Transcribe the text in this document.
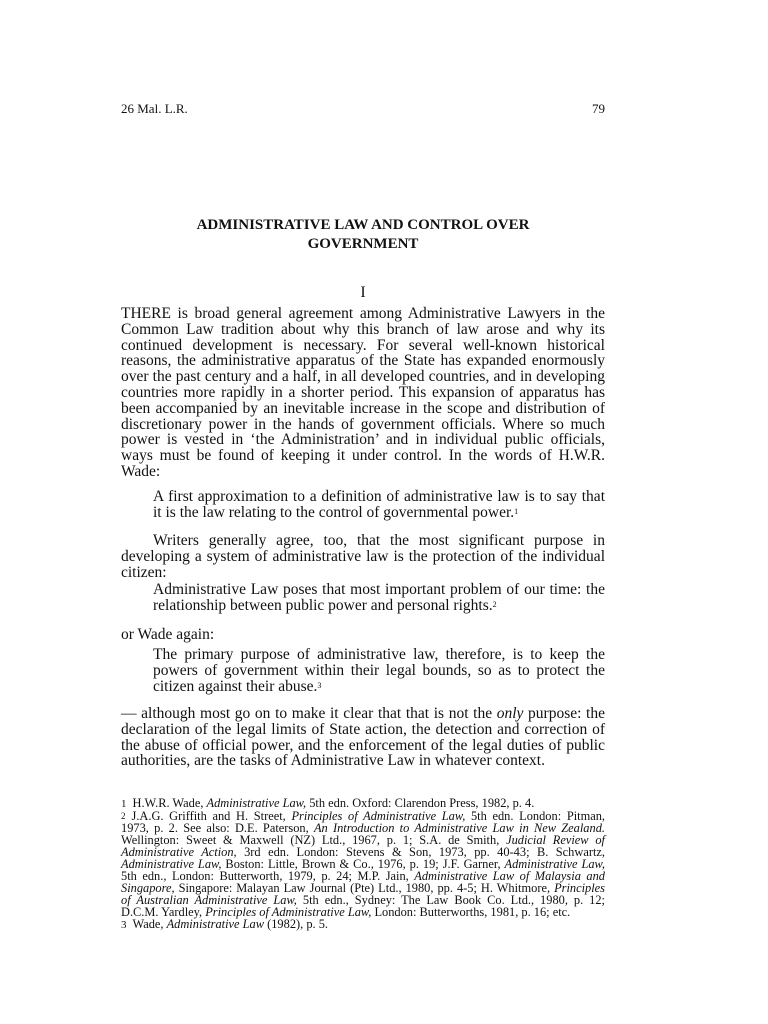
26 Mal. L.R.	79
ADMINISTRATIVE LAW AND CONTROL OVER
GOVERNMENT
I
THERE is broad general agreement among Administrative Lawyers in the Common Law tradition about why this branch of law arose and why its continued development is necessary. For several well-known historical reasons, the administrative apparatus of the State has expanded enormously over the past century and a half, in all developed countries, and in developing countries more rapidly in a shorter period. This expansion of apparatus has been accompanied by an inevitable increase in the scope and distribution of discretionary power in the hands of government officials. Where so much power is vested in ‘the Administration’ and in individual public officials, ways must be found of keeping it under control. In the words of H.W.R. Wade:
A first approximation to a definition of administrative law is to say that it is the law relating to the control of governmental power.$^1$
Writers generally agree, too, that the most significant purpose in developing a system of administrative law is the protection of the individual citizen:
Administrative Law poses that most important problem of our time: the relationship between public power and personal rights.$^2$
or Wade again:
The primary purpose of administrative law, therefore, is to keep the powers of government within their legal bounds, so as to protect the citizen against their abuse.$^3$
— although most go on to make it clear that that is not the only purpose: the declaration of the legal limits of State action, the detection and correction of the abuse of official power, and the enforcement of the legal duties of public authorities, are the tasks of Administrative Law in whatever context.

1 H.W.R. Wade, Administrative Law, 5th edn. Oxford: Clarendon Press, 1982, p. 4.

$^2$ J.A.G. Griffith and H. Street, Principles of Administrative Law, 5th edn. London: Pitman, 1973, p. 2. See also: D.E. Paterson, An Introduction to Administrative Law in New Zealand. Wellington: Sweet & Maxwell (NZ) Ltd., 1967, p. 1; S.A. de Smith, Judicial Review of Administrative Action, 3rd edn. London: Stevens & Son, 1973, pp. 40-43; B. Schwartz, Administrative Law, Boston: Little, Brown & Co., 1976, p. 19; J.F. Garner, Administrative Law, 5th edn., London: Butterworth, 1979, p. 24; M.P. Jain, Administrative Law of Malaysia and Singapore, Singapore: Malayan Law Journal (Pte) Ltd., 1980, pp. 4-5; H. Whitmore, Principles of Australian Administrative Law, 5th edn., Sydney: The Law Book Co. Ltd., 1980, p. 12; D.C.M. Yardley, Principles of Administrative Law, London: Butterworths, 1981, p. 16; etc.

3 Wade, Administrative Law (1982), p. 5.
